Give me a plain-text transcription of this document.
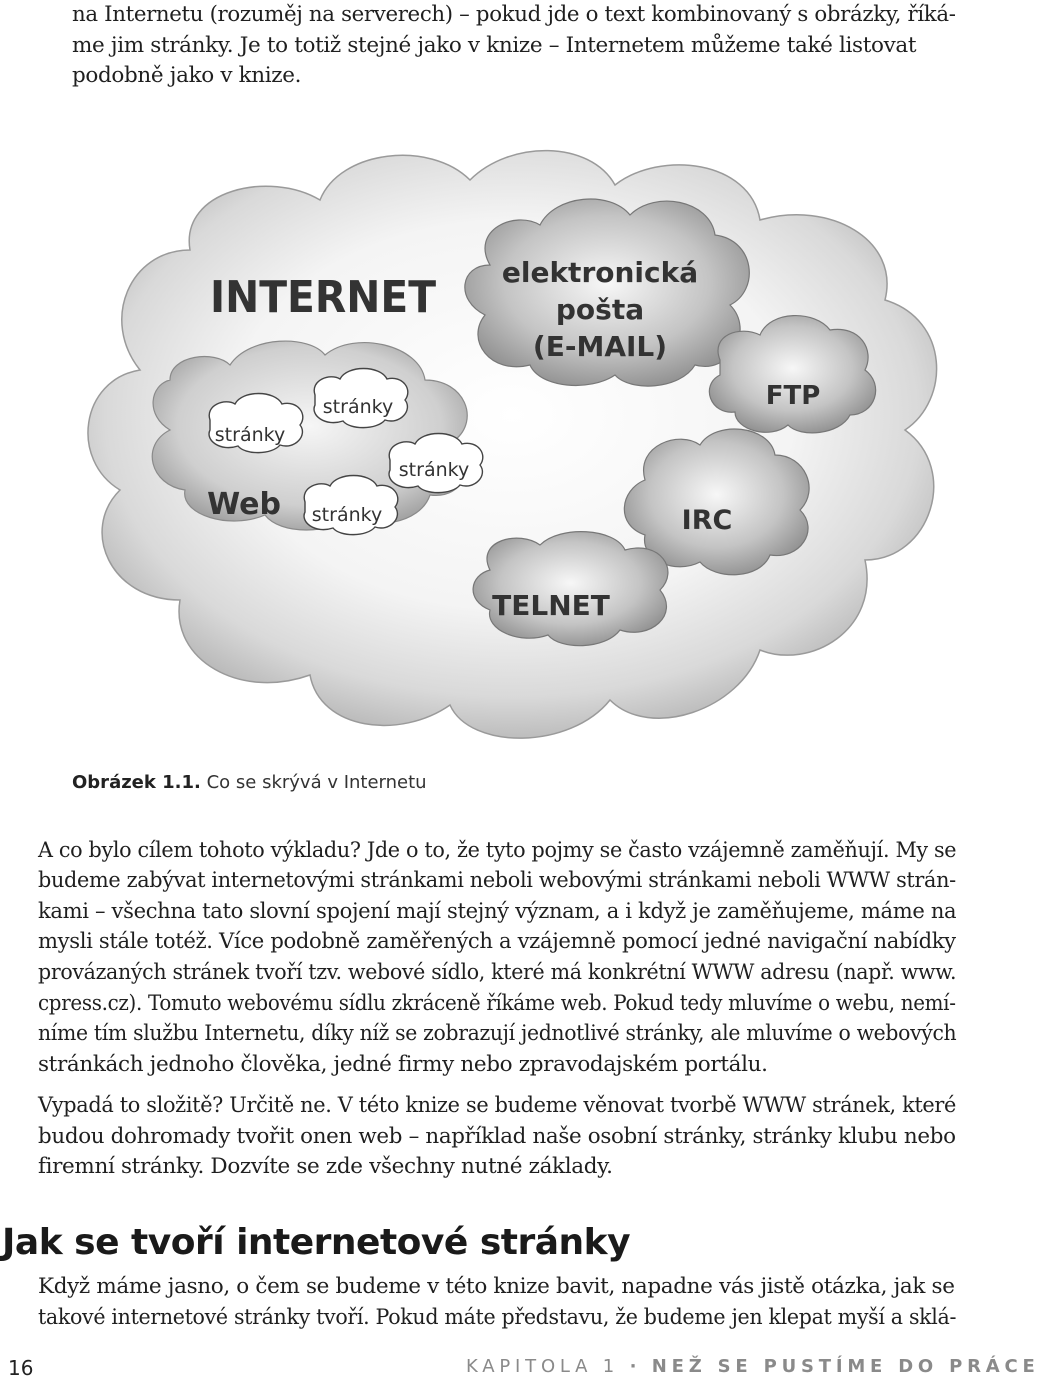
na Internetu (rozuměj na serverech) – pokud jde o text kombinovaný s obrázky, říká-
me jim stránky. Je to totiž stejné jako v knize – Internetem můžeme také listovat
podobně jako v knize.
INTERNET elektronická
pošta
(E-MAIL)
FTP
IRC
TELNET
Web
stránky
stránky
stránky
stránky
Obrázek 1.1. Co se skrývá v Internetu
A co bylo cílem tohoto výkladu? Jde o to, že tyto pojmy se často vzájemně zaměňují. My se
budeme zabývat internetovými stránkami neboli webovými stránkami neboli WWW strán-
kami – všechna tato slovní spojení mají stejný význam, a i když je zaměňujeme, máme na
mysli stále totéž. Více podobně zaměřených a vzájemně pomocí jedné navigační nabídky
provázaných stránek tvoří tzv. webové sídlo, které má konkrétní WWW adresu (např. www.
cpress.cz). Tomuto webovému sídlu zkráceně říkáme web. Pokud tedy mluvíme o webu, nemí-
níme tím službu Internetu, díky níž se zobrazují jednotlivé stránky, ale mluvíme o webových
stránkách jednoho člověka, jedné firmy nebo zpravodajském portálu.
Vypadá to složitě? Určitě ne. V této knize se budeme věnovat tvorbě WWW stránek, které
budou dohromady tvořit onen web – například naše osobní stránky, stránky klubu nebo
firemní stránky. Dozvíte se zde všechny nutné základy.
Jak se tvoří internetové stránky
Když máme jasno, o čem se budeme v této knize bavit, napadne vás jistě otázka, jak se
takové internetové stránky tvoří. Pokud máte představu, že budeme jen klepat myší a sklá-
16	KAPITOLA 1 · NEŽ SE PUSTÍME DO PRÁCE
